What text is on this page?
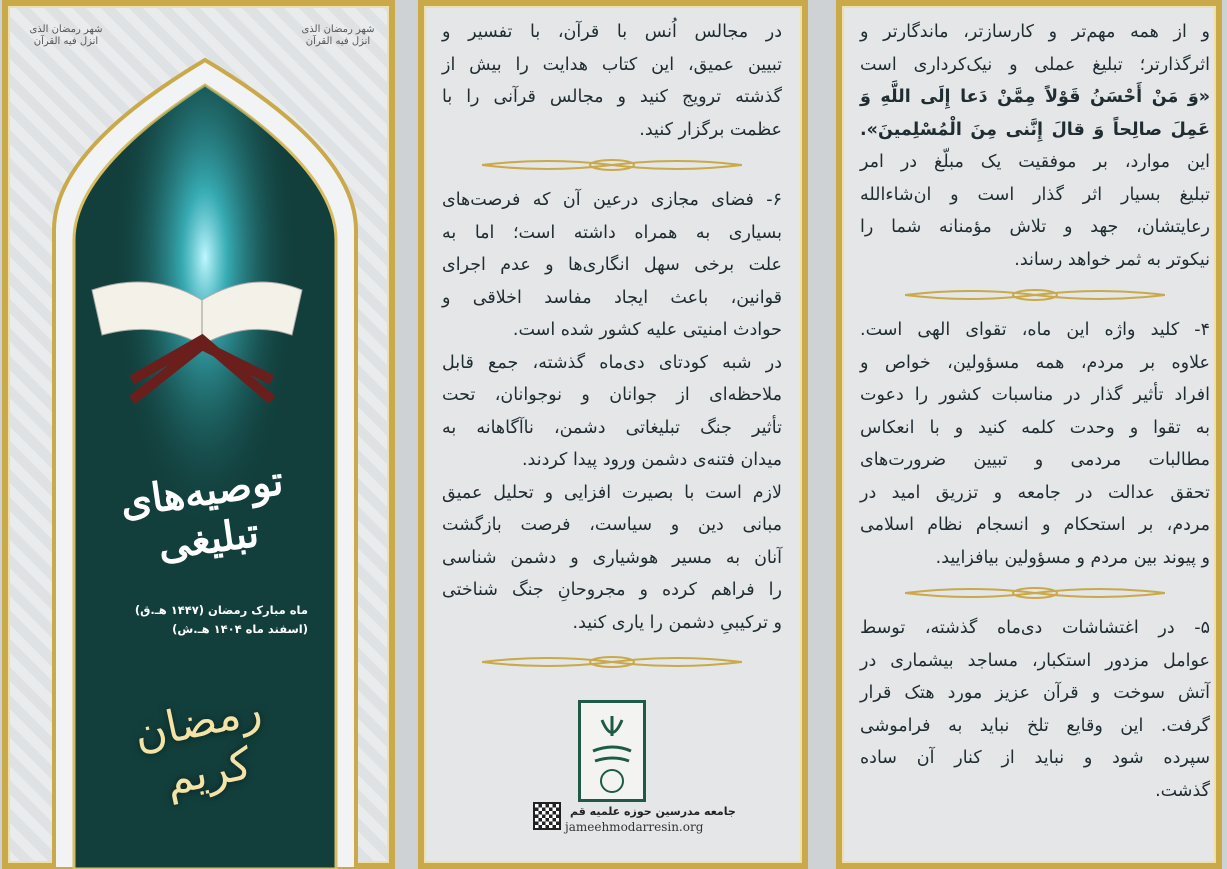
شهر رمضان الذی انزل فیه القرآن
شهر رمضان الذی انزل فیه القرآن
توصیه‌های تبلیغی
ماه مبارک رمضان (۱۴۴۷ هـ.ق)
(اسفند ماه ۱۴۰۴ هـ.ش)
رمضان کریم
در مجالس اُنس با قرآن، با تفسیر و
تبیین عمیق، این کتاب هدایت را بیش از
گذشته ترویج کنید و مجالس قرآنی را با
عظمت برگزار کنید.
۶- فضای مجازی درعین آن که فرصت‌های
بسیاری به همراه داشته است؛ اما به
علت برخی سهل انگاری‌ها و عدم اجرای
قوانین، باعث ایجاد مفاسد اخلاقی و
حوادث امنیتی علیه کشور شده است.
در شبه کودتای دی‌ماه گذشته، جمع قابل
ملاحظه‌ای از جوانان و نوجوانان، تحت
تأثیر جنگ تبلیغاتی دشمن، ناآگاهانه به
میدان فتنه‌ی دشمن ورود پیدا کردند.
لازم است با بصیرت افزایی و تحلیل عمیق
مبانی دین و سیاست، فرصت بازگشت
آنان به مسیر هوشیاری و دشمن شناسی
را فراهم کرده و مجروحانِ جنگ شناختی
و ترکیبیِ دشمن را یاری کنید.
جامعه مدرسین حوزه علمیه قم
jameehmodarresin.org
و از همه مهم‌تر و کارسازتر، ماندگارتر و
اثرگذارتر؛ تبلیغ عملی و نیک‌کرداری است
«وَ مَنْ أَحْسَنُ قَوْلاً مِمَّنْ دَعا إِلَى اللَّهِ وَ
عَمِلَ صالِحاً وَ قالَ إِنَّنی مِنَ الْمُسْلِمینَ».
این موارد، بر موفقیت یک مبلّغ در امر
تبلیغ بسیار اثر گذار است و ان‌شاءالله
رعایتشان، جهد و تلاش مؤمنانه شما را
نیکوتر به ثمر خواهد رساند.
۴- کلید واژه این ماه، تقوای الهی است.
علاوه بر مردم، همه مسؤولین، خواص و
افراد تأثیر گذار در مناسبات کشور را دعوت
به تقوا و وحدت کلمه کنید و با انعکاس
مطالبات مردمی و تبیین ضرورت‌های
تحقق عدالت در جامعه و تزریق امید در
مردم، بر استحکام و انسجام نظام اسلامی
و پیوند بین مردم و مسؤولین بیافزایید.
۵- در اغتشاشات دی‌ماه گذشته، توسط
عوامل مزدور استکبار، مساجد بیشماری در
آتش سوخت و قرآن عزیز مورد هتک قرار
گرفت. این وقایع تلخ نباید به فراموشی
سپرده شود و نباید از کنار آن ساده
گذشت.
